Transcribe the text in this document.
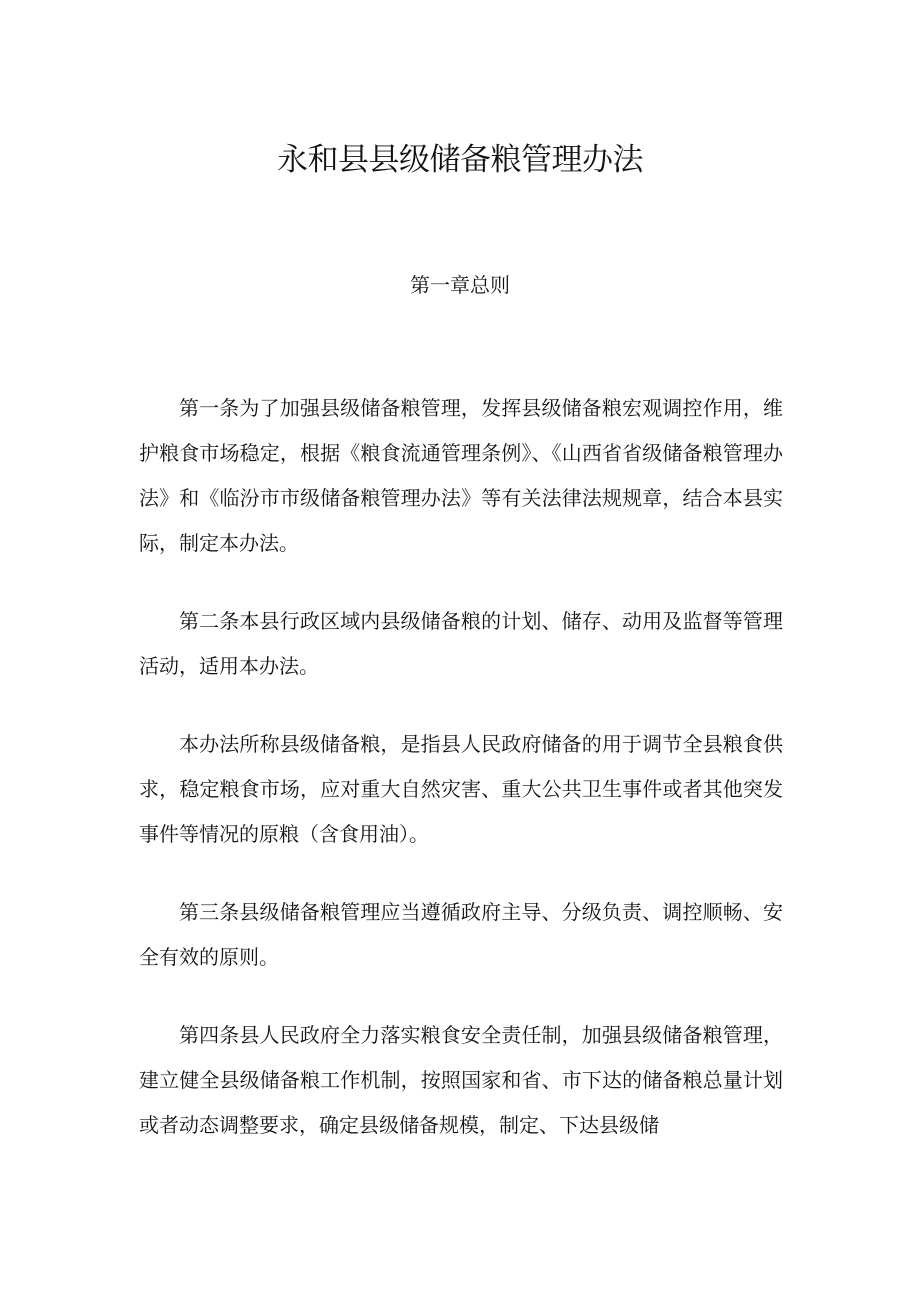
永和县县级储备粮管理办法
第一章总则

第一条为了加强县级储备粮管理，发挥县级储备粮宏观调控作用，维护粮食市场稳定，根据《粮食流通管理条例》、《山西省省级储备粮管理办法》和《临汾市市级储备粮管理办法》等有关法律法规规章，结合本县实际，制定本办法。

第二条本县行政区域内县级储备粮的计划、储存、动用及监督等管理活动，适用本办法。

本办法所称县级储备粮，是指县人民政府储备的用于调节全县粮食供求，稳定粮食市场，应对重大自然灾害、重大公共卫生事件或者其他突发事件等情况的原粮（含食用油）。

第三条县级储备粮管理应当遵循政府主导、分级负责、调控顺畅、安全有效的原则。

第四条县人民政府全力落实粮食安全责任制，加强县级储备粮管理，建立健全县级储备粮工作机制，按照国家和省、市下达的储备粮总量计划或者动态调整要求，确定县级储备规模，制定、下达县级储
